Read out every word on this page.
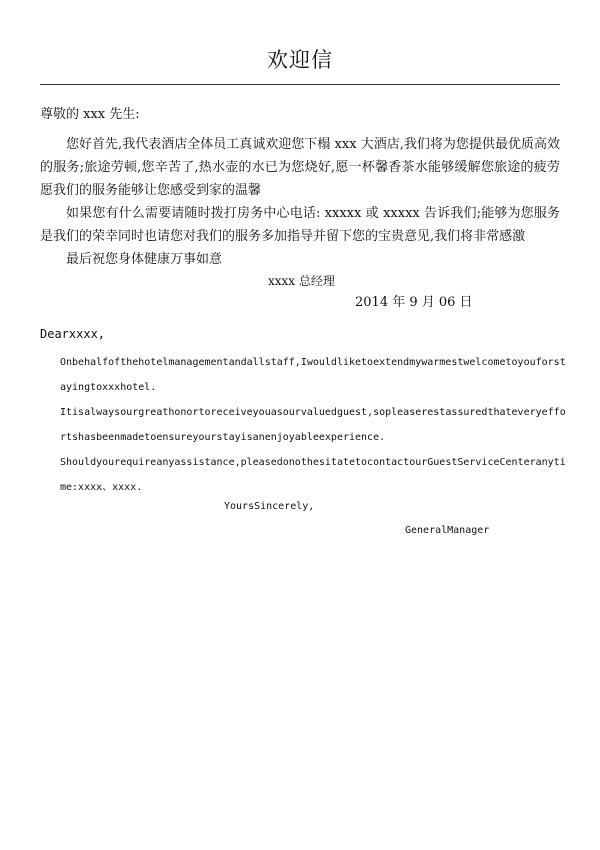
欢迎信
尊敬的 xxx 先生:

您好首先,我代表酒店全体员工真诚欢迎您下榻 xxx 大酒店,我们将为您提供最优质高效的服务;旅途劳顿,您辛苦了,热水壶的水已为您烧好,愿一杯馨香茶水能够缓解您旅途的疲劳愿我们的服务能够让您感受到家的温馨

如果您有什么需要请随时拨打房务中心电话: xxxxx 或 xxxxx 告诉我们;能够为您服务是我们的荣幸同时也请您对我们的服务多加指导并留下您的宝贵意见,我们将非常感激

最后祝您身体健康万事如意

xxxx 总经理
2014 年 9 月 06 日
Dearxxxx,

Onbehalfofthehotelmanagementandallstaff,Iwouldliketoextendmywarmestwelcometoyouforstayingtoxxxhotel.

Itisalwaysourgreathonortoreceiveyouasourvaluedguest,sopleaserestassuredthateveryeffortshasbeenmadetoensureyourstayisanenjoyableexperience.

Shouldyourequireanyassistance,pleasedonothesitatetocontactourGuestServiceCenteranytime:xxxx、xxxx.

YoursSincerely,
GeneralManager
